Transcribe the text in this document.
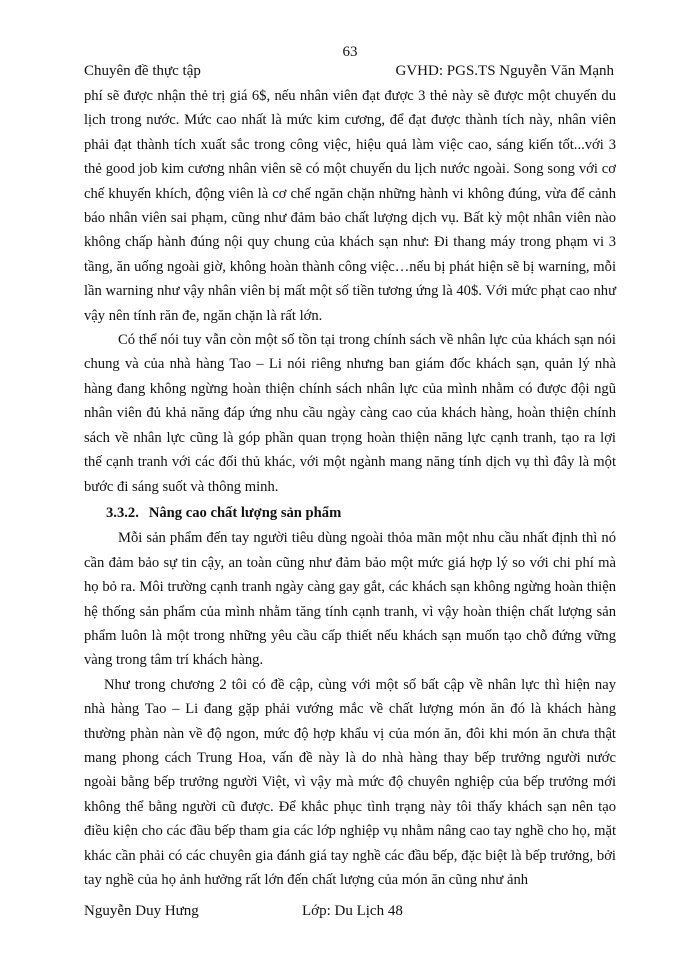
63
Chuyên đề thực tập	GVHD: PGS.TS Nguyễn Văn Mạnh

phí sẽ được nhận thẻ trị giá 6$, nếu nhân viên đạt được 3 thẻ này sẽ được một chuyến du lịch trong nước. Mức cao nhất là mức kim cương, để đạt được thành tích này, nhân viên phải đạt thành tích xuất sắc trong công việc, hiệu quả làm việc cao, sáng kiến tốt...với 3 thẻ good job kim cương nhân viên sẽ có một chuyến du lịch nước ngoài. Song song với cơ chế khuyến khích, động viên là cơ chế ngăn chặn những hành vi không đúng, vừa để cảnh báo nhân viên sai phạm, cũng như đảm bảo chất lượng dịch vụ. Bất kỳ một nhân viên nào không chấp hành đúng nội quy chung của khách sạn như: Đi thang máy trong phạm vi 3 tầng, ăn uống ngoài giờ, không hoàn thành công việc…nếu bị phát hiện sẽ bị warning, mỗi lần warning như vậy nhân viên bị mất một số tiền tương ứng là 40$. Với mức phạt cao như vậy nên tính răn đe, ngăn chặn là rất lớn.

Có thể nói tuy vẫn còn một số tồn tại trong chính sách về nhân lực của khách sạn nói chung và của nhà hàng Tao – Li nói riêng nhưng ban giám đốc khách sạn, quản lý nhà hàng đang không ngừng hoàn thiện chính sách nhân lực của mình nhằm có được đội ngũ nhân viên đủ khả năng đáp ứng nhu cầu ngày càng cao của khách hàng, hoàn thiện chính sách về nhân lực cũng là góp phần quan trọng hoàn thiện năng lực cạnh tranh, tạo ra lợi thế cạnh tranh với các đối thủ khác, với một ngành mang năng tính dịch vụ thì đây là một bước đi sáng suốt và thông minh.

3.3.2. Nâng cao chất lượng sản phẩm

Mỗi sản phẩm đến tay người tiêu dùng ngoài thỏa mãn một nhu cầu nhất định thì nó cần đảm bảo sự tin cậy, an toàn cũng như đảm bảo một mức giá hợp lý so với chi phí mà họ bỏ ra. Môi trường cạnh tranh ngày càng gay gắt, các khách sạn không ngừng hoàn thiện hệ thống sản phẩm của mình nhằm tăng tính cạnh tranh, vì vậy hoàn thiện chất lượng sản phẩm luôn là một trong những yêu cầu cấp thiết nếu khách sạn muốn tạo chỗ đứng vững vàng trong tâm trí khách hàng.

Như trong chương 2 tôi có đề cập, cùng với một số bất cập về nhân lực thì hiện nay nhà hàng Tao – Li đang gặp phải vướng mắc về chất lượng món ăn đó là khách hàng thường phàn nàn về độ ngon, mức độ hợp khẩu vị của món ăn, đôi khi món ăn chưa thật mang phong cách Trung Hoa, vấn đề này là do nhà hàng thay bếp trưởng người nước ngoài bằng bếp trưởng người Việt, vì vậy mà mức độ chuyên nghiệp của bếp trưởng mới không thể bằng người cũ được. Để khắc phục tình trạng này tôi thấy khách sạn nên tạo điều kiện cho các đầu bếp tham gia các lớp nghiệp vụ nhằm nâng cao tay nghề cho họ, mặt khác cần phải có các chuyên gia đánh giá tay nghề các đầu bếp, đặc biệt là bếp trưởng, bởi tay nghề của họ ảnh hưởng rất lớn đến chất lượng của món ăn cũng như ảnh

Nguyễn Duy Hưng	Lớp: Du Lịch 48
